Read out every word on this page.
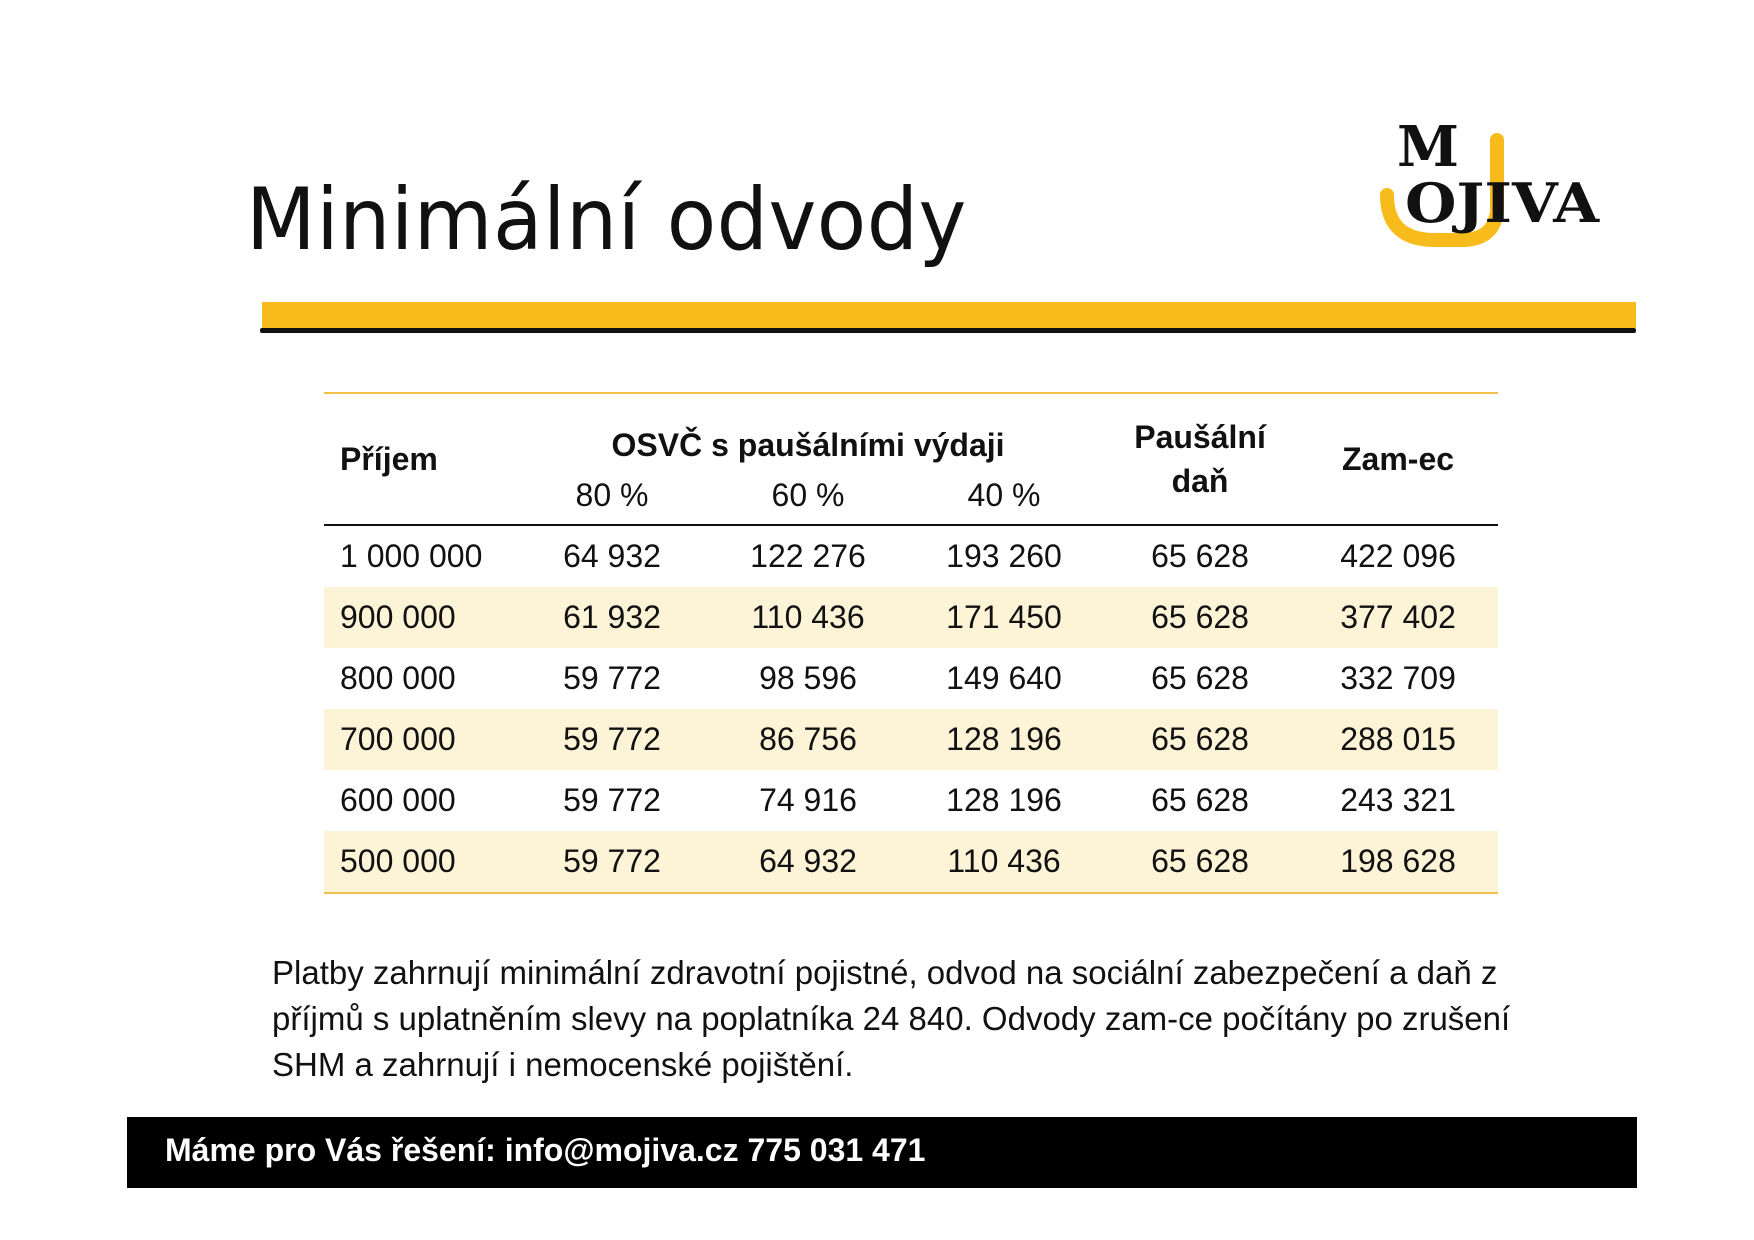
Minimální odvody
M
OJIVA
Příjem	OSVČ s paušálními výdaji			Paušální daň	Zam-ec
	80 %	60 %	40 %		
1 000 000	64 932	122 276	193 260	65 628	422 096
900 000	61 932	110 436	171 450	65 628	377 402
800 000	59 772	98 596	149 640	65 628	332 709
700 000	59 772	86 756	128 196	65 628	288 015
600 000	59 772	74 916	128 196	65 628	243 321
500 000	59 772	64 932	110 436	65 628	198 628
Platby zahrnují minimální zdravotní pojistné, odvod na sociální zabezpečení a daň z příjmů s uplatněním slevy na poplatníka 24 840. Odvody zam-ce počítány po zrušení SHM a zahrnují i nemocenské pojištění.
Máme pro Vás řešení: info@mojiva.cz 775 031 471
